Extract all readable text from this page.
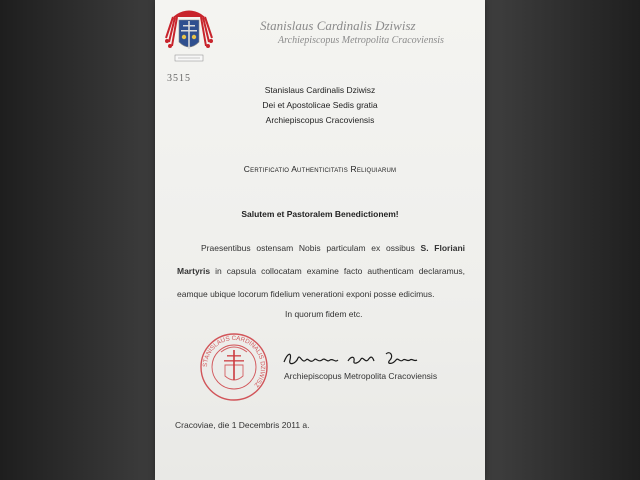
3515
Stanislaus Cardinalis Dziwisz
Archiepiscopus Metropolita Cracoviensis
Stanislaus Cardinalis Dziwisz
Dei et Apostolicae Sedis gratia
Archiepiscopus Cracoviensis
Certificatio Authenticitatis Reliquiarum
Salutem et Pastoralem Benedictionem!
Praesentibus ostensam Nobis particulam ex ossibus S. Floriani Martyris in capsula collocatam examine facto authenticam declaramus, eamque ubique locorum fidelium venerationi exponi posse edicimus.
In quorum fidem etc.
STANISLAUS CARDINALIS DZIWISZ
Archiepiscopus Metropolita Cracoviensis
Cracoviae, die 1 Decembris 2011 a.
